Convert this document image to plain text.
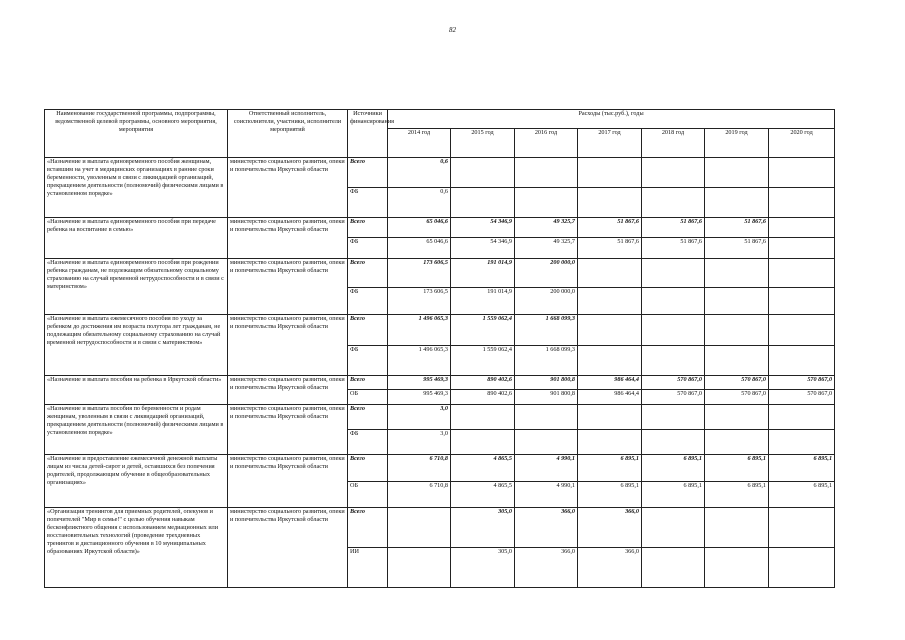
82
Наименование государственной программы, подпрограммы, ведомственной целевой программы, основного мероприятия, мероприятия	Ответственный исполнитель, соисполнители, участники, исполнители мероприятий	Источники финансирования	Расходы (тыс.руб.), годы						
			2014 год	2015 год	2016 год	2017 год	2018 год	2019 год	2020 год
«Назначение и выплата единовременного пособия женщинам, вставшим на учет в медицинских организациях в ранние сроки беременности, уволенным в связи с ликвидацией организаций, прекращением деятельности (полномочий) физическими лицами в установленном порядке»	министерство социального развития, опеки и попечительства Иркутской области	Всего	0,6						
		ФБ	0,6						
«Назначение и выплата единовременного пособия при передаче ребенка на воспитание в семью»	министерство социального развития, опеки и попечительства Иркутской области	Всего	65 046,6	54 346,9	49 325,7	51 867,6	51 867,6	51 867,6	
		ФБ	65 046,6	54 346,9	49 325,7	51 867,6	51 867,6	51 867,6	
«Назначение и выплата единовременного пособия при рождении ребенка гражданам, не подлежащим обязательному социальному страхованию на случай временной нетрудоспособности и в связи с материнством»	министерство социального развития, опеки и попечительства Иркутской области	Всего	173 606,5	191 014,9	200 000,0				
		ФБ	173 606,5	191 014,9	200 000,0				
«Назначение и выплата ежемесячного пособия по уходу за ребенком до достижения им возраста полутора лет гражданам, не подлежащим обязательному социальному страхованию на случай временной нетрудоспособности и в связи с материнством»	министерство социального развития, опеки и попечительства Иркутской области	Всего	1 496 065,3	1 559 062,4	1 668 099,3				
		ФБ	1 496 065,3	1 559 062,4	1 668 099,3				
«Назначение и выплата пособия на ребенка в Иркутской области»	министерство социального развития, опеки и попечительства Иркутской области	Всего	995 469,3	890 402,6	901 800,8	986 464,4	570 867,0	570 867,0	570 867,0
		ОБ	995 469,3	890 402,6	901 800,8	986 464,4	570 867,0	570 867,0	570 867,0
«Назначение и выплата пособия по беременности и родам женщинам, уволенным в связи с ликвидацией организаций, прекращением деятельности (полномочий) физическими лицами в установленном порядке»	министерство социального развития, опеки и попечительства Иркутской области	Всего	3,0						
		ФБ	3,0						
«Назначение и предоставление ежемесячной денежной выплаты лицам из числа детей-сирот и детей, оставшихся без попечения родителей, продолжающим обучение в общеобразовательных организациях»	министерство социального развития, опеки и попечительства Иркутской области	Всего	6 710,8	4 865,5	4 990,1	6 895,1	6 895,1	6 895,1	6 895,1
		ОБ	6 710,8	4 865,5	4 990,1	6 895,1	6 895,1	6 895,1	6 895,1
«Организация тренингов для приемных родителей, опекунов и попечителей "Мир в семье!" с целью обучения навыкам бесконфликтного общения с использованием медиационных или восстановительных технологий (проведение трехдневных тренингов и дистанционного обучения в 10 муниципальных образованиях Иркутской области)»	министерство социального развития, опеки и попечительства Иркутской области	Всего		305,0	366,0	366,0			
		ИИ		305,0	366,0	366,0			
